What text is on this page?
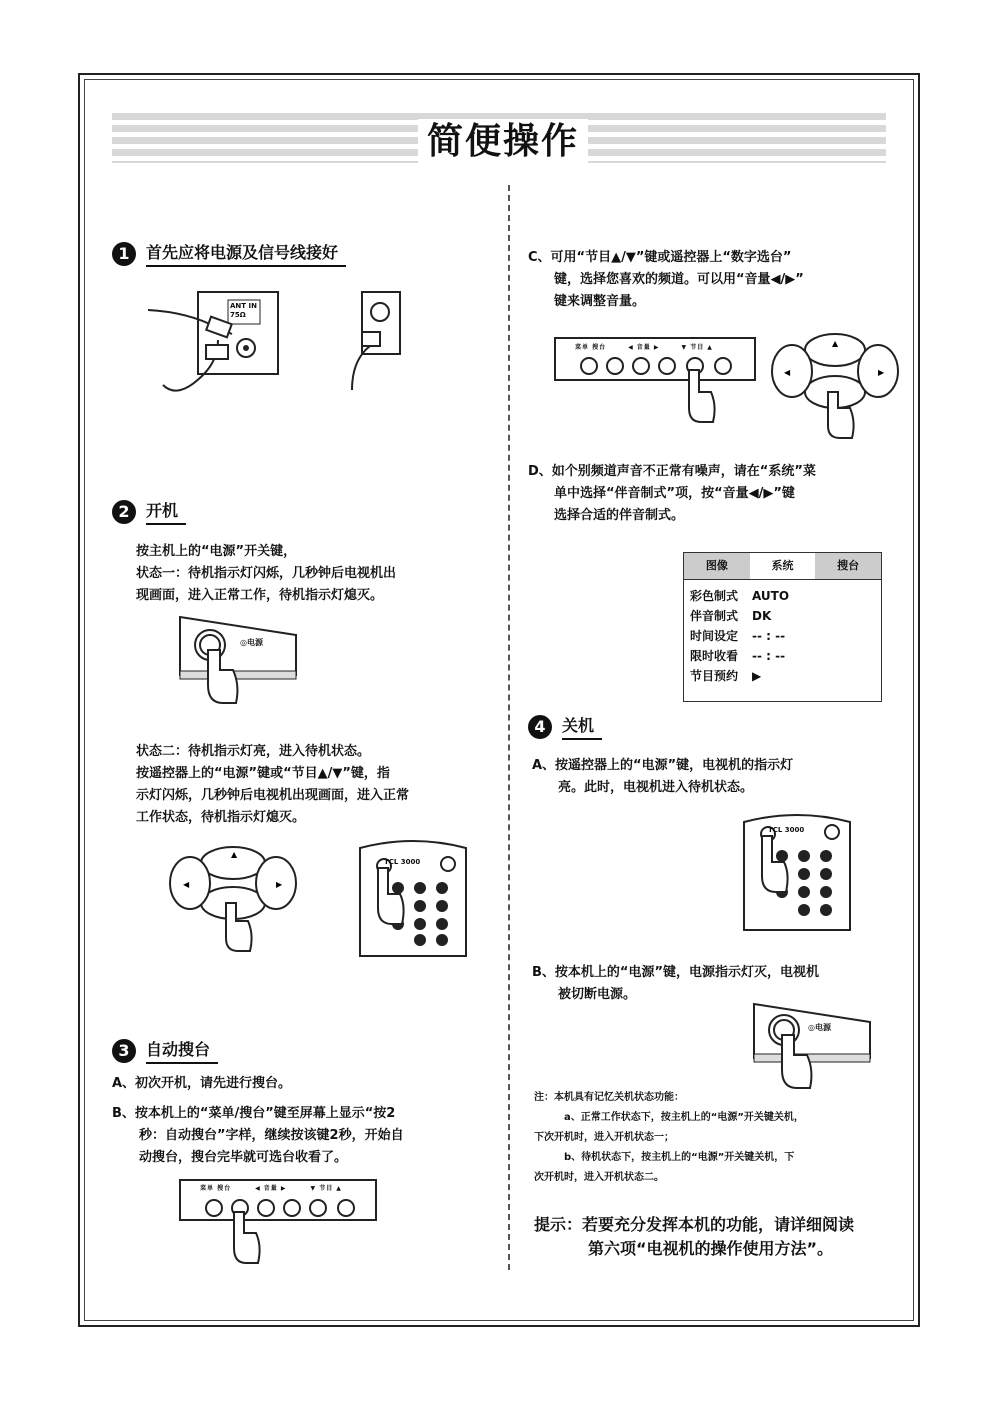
简便操作
1	首先应将电源及信号线接好
ANT IN
75Ω
2	开机
按主机上的“电源”开关键，
状态一：待机指示灯闪烁，几秒钟后电视机出
现画面，进入正常工作，待机指示灯熄灭。
◎电源
状态二：待机指示灯亮，进入待机状态。
按遥控器上的“电源”键或“节目▲/▼”键，指
示灯闪烁，几秒钟后电视机出现画面，进入正常
工作状态，待机指示灯熄灭。
▲
◀	▶
TCL 3000
3	自动搜台
A、初次开机，请先进行搜台。
B、按本机上的“菜单/搜台”键至屏幕上显示“按2
秒：自动搜台”字样，继续按该键2秒，开始自
动搜台，搜台完毕就可选台收看了。
菜单 搜台	◀ 音量 ▶	▼ 节目 ▲
C、可用“节目▲/▼”键或遥控器上“数字选台”
键，选择您喜欢的频道。可以用“音量◀/▶”
键来调整音量。
菜单 搜台	◀ 音量 ▶	▼ 节目 ▲	▲
◀	▶
D、如个别频道声音不正常有噪声，请在“系统”菜
单中选择“伴音制式”项，按“音量◀/▶”键
选择合适的伴音制式。
图像	系统	搜台
彩色制式	AUTO
伴音制式	DK
时间设定	-- : --
限时收看	-- : --
节目预约	▶
4	关机
A、按遥控器上的“电源”键，电视机的指示灯
亮。此时，电视机进入待机状态。
TCL 3000
B、按本机上的“电源”键，电源指示灯灭，电视机
被切断电源。
◎电源
注：本机具有记忆关机状态功能：
a、正常工作状态下，按主机上的“电源”开关键关机，
下次开机时，进入开机状态一；
b、待机状态下，按主机上的“电源”开关键关机，下
次开机时，进入开机状态二。
提示：若要充分发挥本机的功能，请详细阅读
第六项“电视机的操作使用方法”。
